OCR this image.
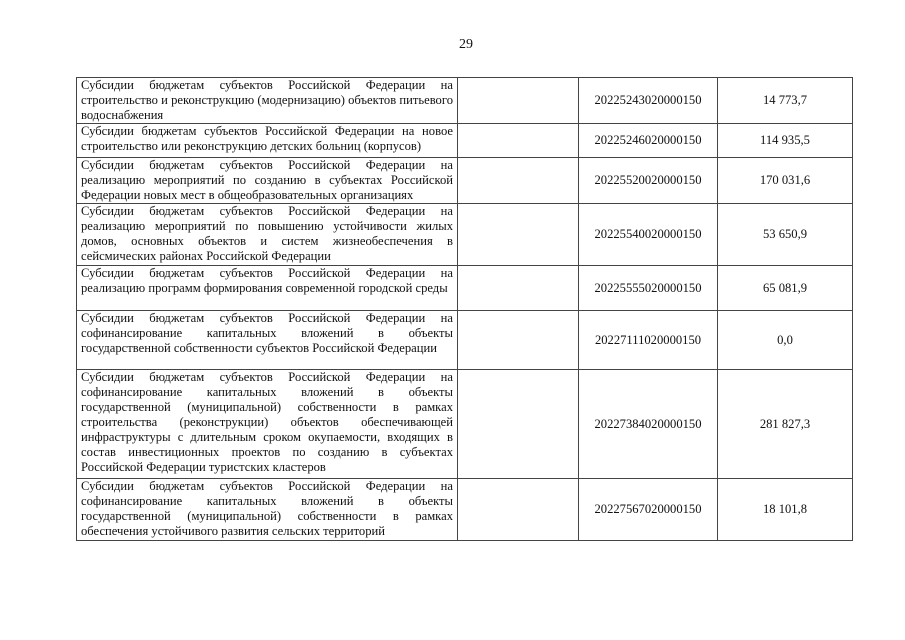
29
Субсидии бюджетам субъектов Российской Федерации на строительство и реконструкцию (модернизацию) объектов питьевого водоснабжения		20225243020000150	14 773,7
Субсидии бюджетам субъектов Российской Федерации на новое строительство или реконструкцию детских больниц (корпусов)		20225246020000150	114 935,5
Субсидии бюджетам субъектов Российской Федерации на реализацию мероприятий по созданию в субъектах Российской Федерации новых мест в общеобразовательных организациях		20225520020000150	170 031,6
Субсидии бюджетам субъектов Российской Федерации на реализацию мероприятий по повышению устойчивости жилых домов, основных объектов и систем жизнеобеспечения в сейсмических районах Российской Федерации		20225540020000150	53 650,9
Субсидии бюджетам субъектов Российской Федерации на реализацию программ формирования современной городской среды		20225555020000150	65 081,9
Субсидии бюджетам субъектов Российской Федерации на софинансирование капитальных вложений в объекты государственной собственности субъектов Российской Федерации		20227111020000150	0,0
Субсидии бюджетам субъектов Российской Федерации на софинансирование капитальных вложений в объекты государственной (муниципальной) собственности в рамках строительства (реконструкции) объектов обеспечивающей инфраструктуры с длительным сроком окупаемости, входящих в состав инвестиционных проектов по созданию в субъектах Российской Федерации туристских кластеров		20227384020000150	281 827,3
Субсидии бюджетам субъектов Российской Федерации на софинансирование капитальных вложений в объекты государственной (муниципальной) собственности в рамках обеспечения устойчивого развития сельских территорий		20227567020000150	18 101,8
